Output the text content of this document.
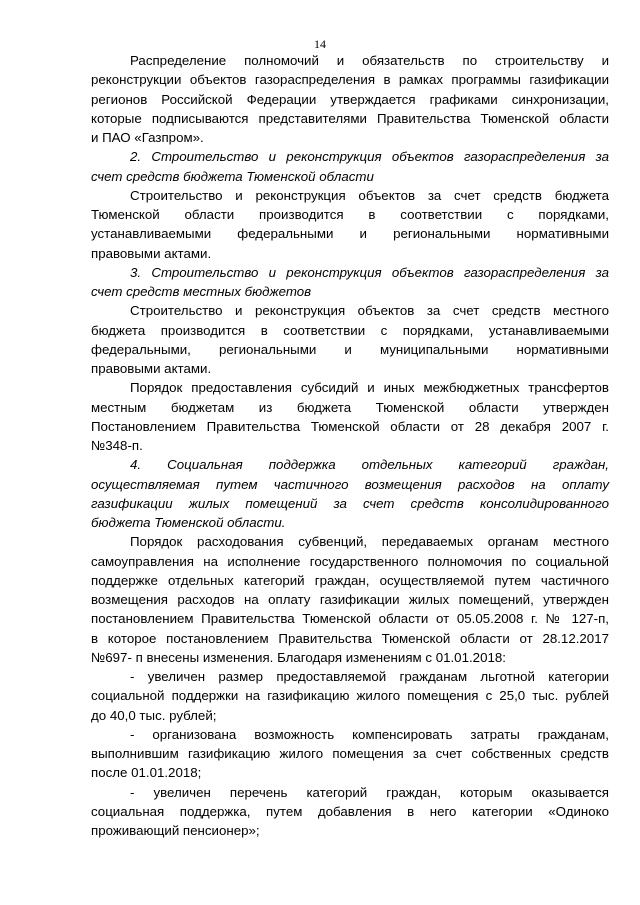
14
Распределение полномочий и обязательств по строительству и
реконструкции объектов газораспределения в рамках программы газификации
регионов Российской Федерации утверждается графиками синхронизации,
которые подписываются представителями Правительства Тюменской области
и ПАО «Газпром».
2. Строительство и реконструкция объектов газораспределения за
счет средств бюджета Тюменской области
Строительство и реконструкция объектов за счет средств бюджета
Тюменской области производится в соответствии с порядками,
устанавливаемыми федеральными и региональными нормативными
правовыми актами.
3. Строительство и реконструкция объектов газораспределения за
счет средств местных бюджетов
Строительство и реконструкция объектов за счет средств местного
бюджета производится в соответствии с порядками, устанавливаемыми
федеральными, региональными и муниципальными нормативными
правовыми актами.
Порядок предоставления субсидий и иных межбюджетных трансфертов
местным бюджетам из бюджета Тюменской области утвержден
Постановлением Правительства Тюменской области от 28 декабря 2007 г.
№348-п.
4. Социальная поддержка отдельных категорий граждан,
осуществляемая путем частичного возмещения расходов на оплату
газификации жилых помещений за счет средств консолидированного
бюджета Тюменской области.
Порядок расходования субвенций, передаваемых органам местного
самоуправления на исполнение государственного полномочия по социальной
поддержке отдельных категорий граждан, осуществляемой путем частичного
возмещения расходов на оплату газификации жилых помещений, утвержден
постановлением Правительства Тюменской области от 05.05.2008 г. № 127-п,
в которое постановлением Правительства Тюменской области от 28.12.2017
№697- п внесены изменения. Благодаря изменениям с 01.01.2018:
- увеличен размер предоставляемой гражданам льготной категории
социальной поддержки на газификацию жилого помещения с 25,0 тыс. рублей
до 40,0 тыс. рублей;
- организована возможность компенсировать затраты гражданам,
выполнившим газификацию жилого помещения за счет собственных средств
после 01.01.2018;
- увеличен перечень категорий граждан, которым оказывается
социальная поддержка, путем добавления в него категории «Одиноко
проживающий пенсионер»;
